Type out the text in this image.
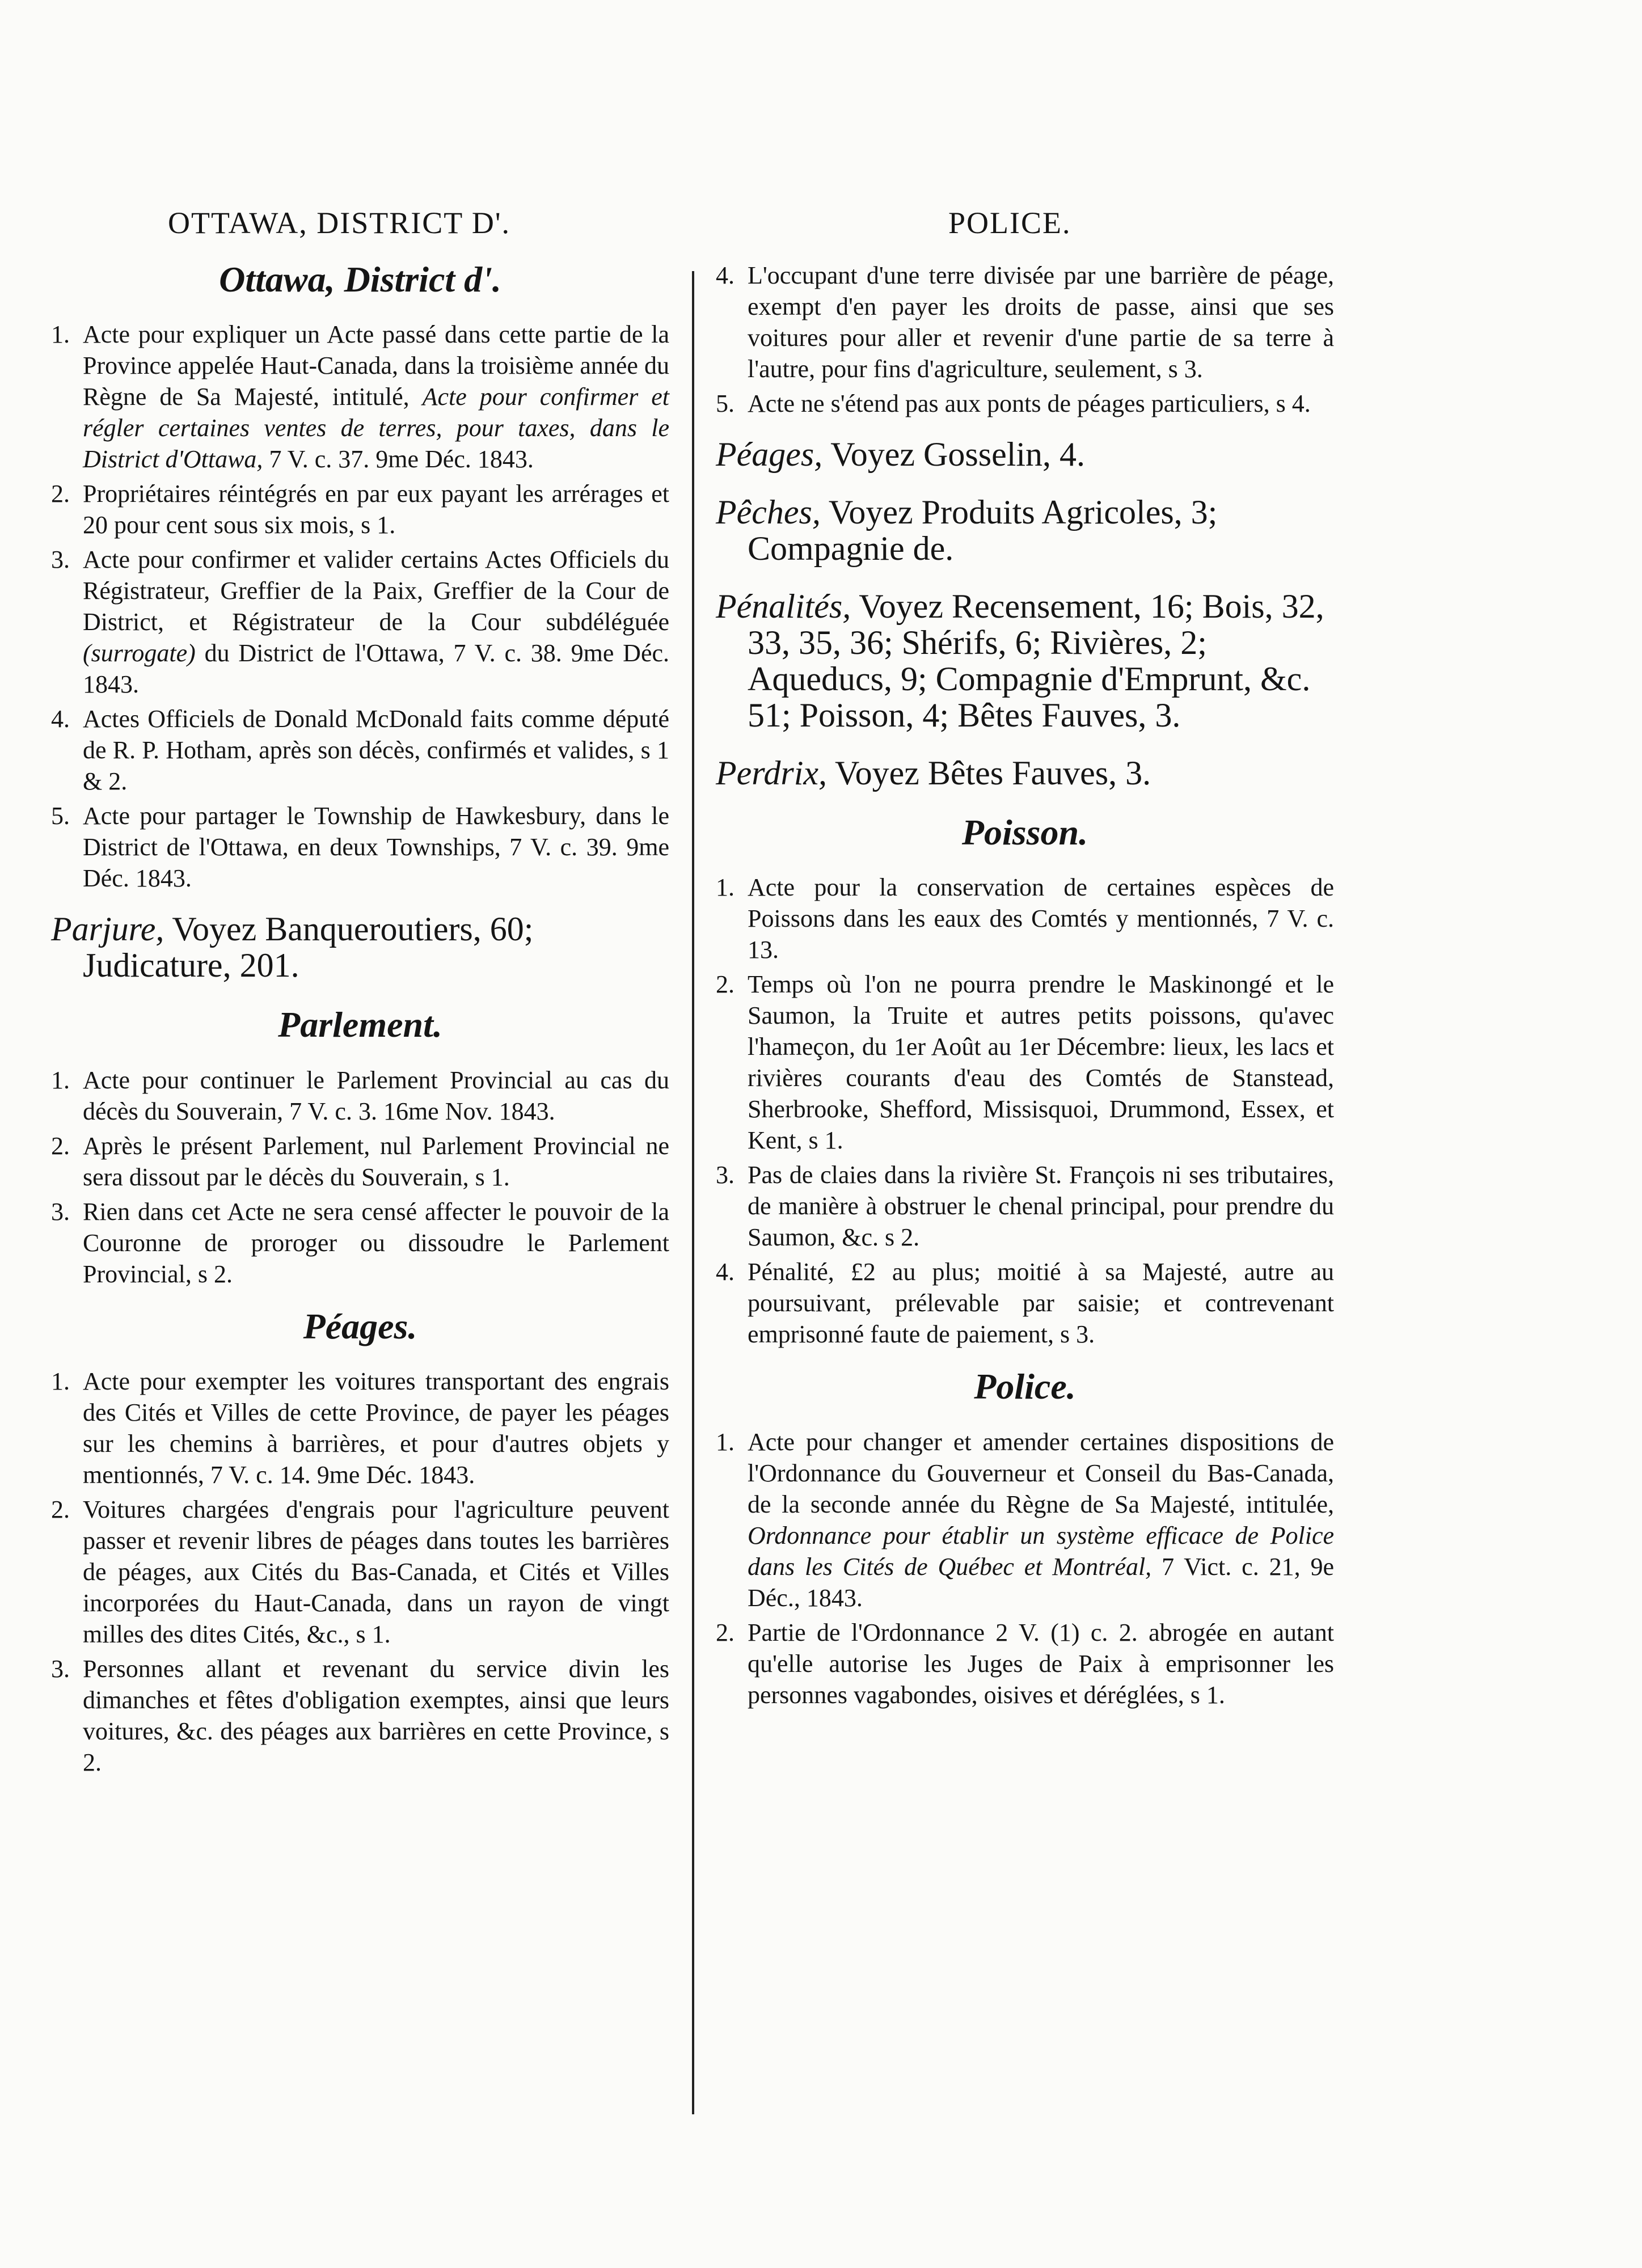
OTTAWA, DISTRICT D'.	POLICE.
Ottawa, District d'.
1. Acte pour expliquer un Acte passé dans cette partie de la Province appelée Haut-Canada, dans la troisième année du Règne de Sa Majesté, intitulé, Acte pour confirmer et régler certaines ventes de terres, pour taxes, dans le District d'Ottawa, 7 V. c. 37. 9me Déc. 1843.
2. Propriétaires réintégrés en par eux payant les arrérages et 20 pour cent sous six mois, s 1.
3. Acte pour confirmer et valider certains Actes Officiels du Régistrateur, Greffier de la Paix, Greffier de la Cour de District, et Régistrateur de la Cour subdéléguée (surrogate) du District de l'Ottawa, 7 V. c. 38. 9me Déc. 1843.
4. Actes Officiels de Donald McDonald faits comme député de R. P. Hotham, après son décès, confirmés et valides, s 1 & 2.
5. Acte pour partager le Township de Hawkesbury, dans le District de l'Ottawa, en deux Townships, 7 V. c. 39. 9me Déc. 1843.

Parjure, Voyez Banqueroutiers, 60; Judicature, 201.

Parlement.
1. Acte pour continuer le Parlement Provincial au cas du décès du Souverain, 7 V. c. 3. 16me Nov. 1843.
2. Après le présent Parlement, nul Parlement Provincial ne sera dissout par le décès du Souverain, s 1.
3. Rien dans cet Acte ne sera censé affecter le pouvoir de la Couronne de proroger ou dissoudre le Parlement Provincial, s 2.
Péages.
1. Acte pour exempter les voitures transportant des engrais des Cités et Villes de cette Province, de payer les péages sur les chemins à barrières, et pour d'autres objets y mentionnés, 7 V. c. 14. 9me Déc. 1843.
2. Voitures chargées d'engrais pour l'agriculture peuvent passer et revenir libres de péages dans toutes les barrières de péages, aux Cités du Bas-Canada, et Cités et Villes incorporées du Haut-Canada, dans un rayon de vingt milles des dites Cités, &c., s 1.
3. Personnes allant et revenant du service divin les dimanches et fêtes d'obligation exemptes, ainsi que leurs voitures, &c. des péages aux barrières en cette Province, s 2.
4. L'occupant d'une terre divisée par une barrière de péage, exempt d'en payer les droits de passe, ainsi que ses voitures pour aller et revenir d'une partie de sa terre à l'autre, pour fins d'agriculture, seulement, s 3.
5. Acte ne s'étend pas aux ponts de péages particuliers, s 4.

Péages, Voyez Gosselin, 4.

Pêches, Voyez Produits Agricoles, 3; Compagnie de.

Pénalités, Voyez Recensement, 16; Bois, 32, 33, 35, 36; Shérifs, 6; Rivières, 2; Aqueducs, 9; Compagnie d'Emprunt, &c. 51; Poisson, 4; Bêtes Fauves, 3.

Perdrix, Voyez Bêtes Fauves, 3.

Poisson.
1. Acte pour la conservation de certaines espèces de Poissons dans les eaux des Comtés y mentionnés, 7 V. c. 13.
2. Temps où l'on ne pourra prendre le Maskinongé et le Saumon, la Truite et autres petits poissons, qu'avec l'hameçon, du 1er Août au 1er Décembre: lieux, les lacs et rivières courants d'eau des Comtés de Stanstead, Sherbrooke, Shefford, Missisquoi, Drummond, Essex, et Kent, s 1.
3. Pas de claies dans la rivière St. François ni ses tributaires, de manière à obstruer le chenal principal, pour prendre du Saumon, &c. s 2.
4. Pénalité, £2 au plus; moitié à sa Majesté, autre au poursuivant, prélevable par saisie; et contrevenant emprisonné faute de paiement, s 3.
Police.
1. Acte pour changer et amender certaines dispositions de l'Ordonnance du Gouverneur et Conseil du Bas-Canada, de la seconde année du Règne de Sa Majesté, intitulée, Ordonnance pour établir un système efficace de Police dans les Cités de Québec et Montréal, 7 Vict. c. 21, 9e Déc., 1843.
2. Partie de l'Ordonnance 2 V. (1) c. 2. abrogée en autant qu'elle autorise les Juges de Paix à emprisonner les personnes vagabondes, oisives et déréglées, s 1.
